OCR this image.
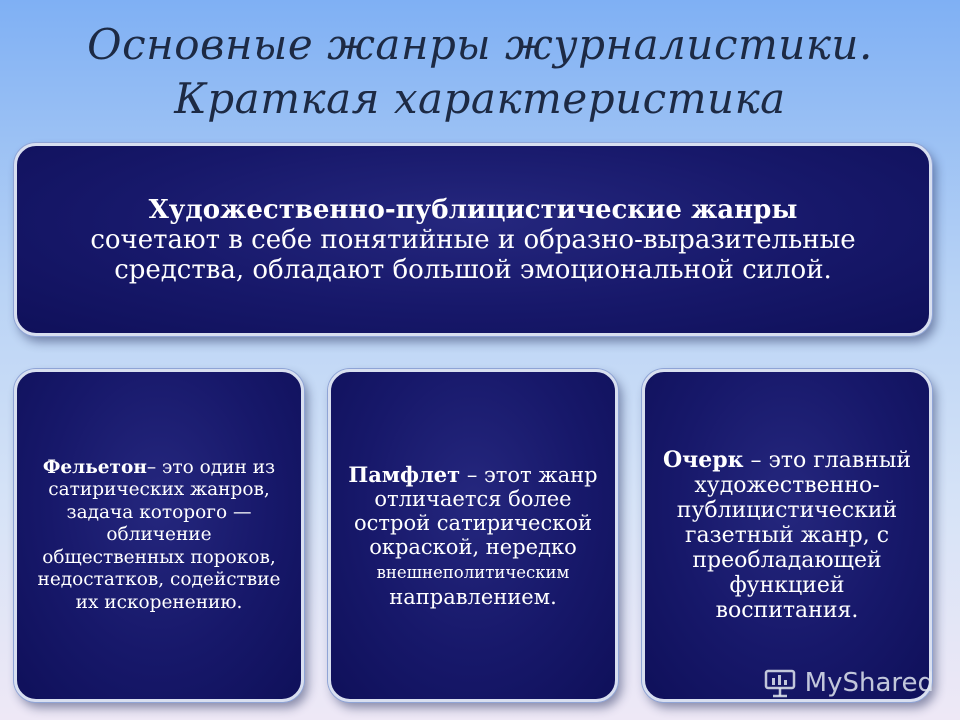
Основные жанры журналистики.
Краткая характеристика
Художественно-публицистические жанры сочетают в себе понятийные и образно-выразительные средства, обладают большой эмоциональной силой.
Фельетон– это один из сатирических жанров, задача которого — обличение общественных пороков, недостатков, содействие их искоренению.
Памфлет – этот жанр отличается более острой сатирической окраской, нередко внешнеполитическим направлением.
Очерк – это главный художественно-публицистический газетный жанр, с преобладающей функцией воспитания.
MyShared
